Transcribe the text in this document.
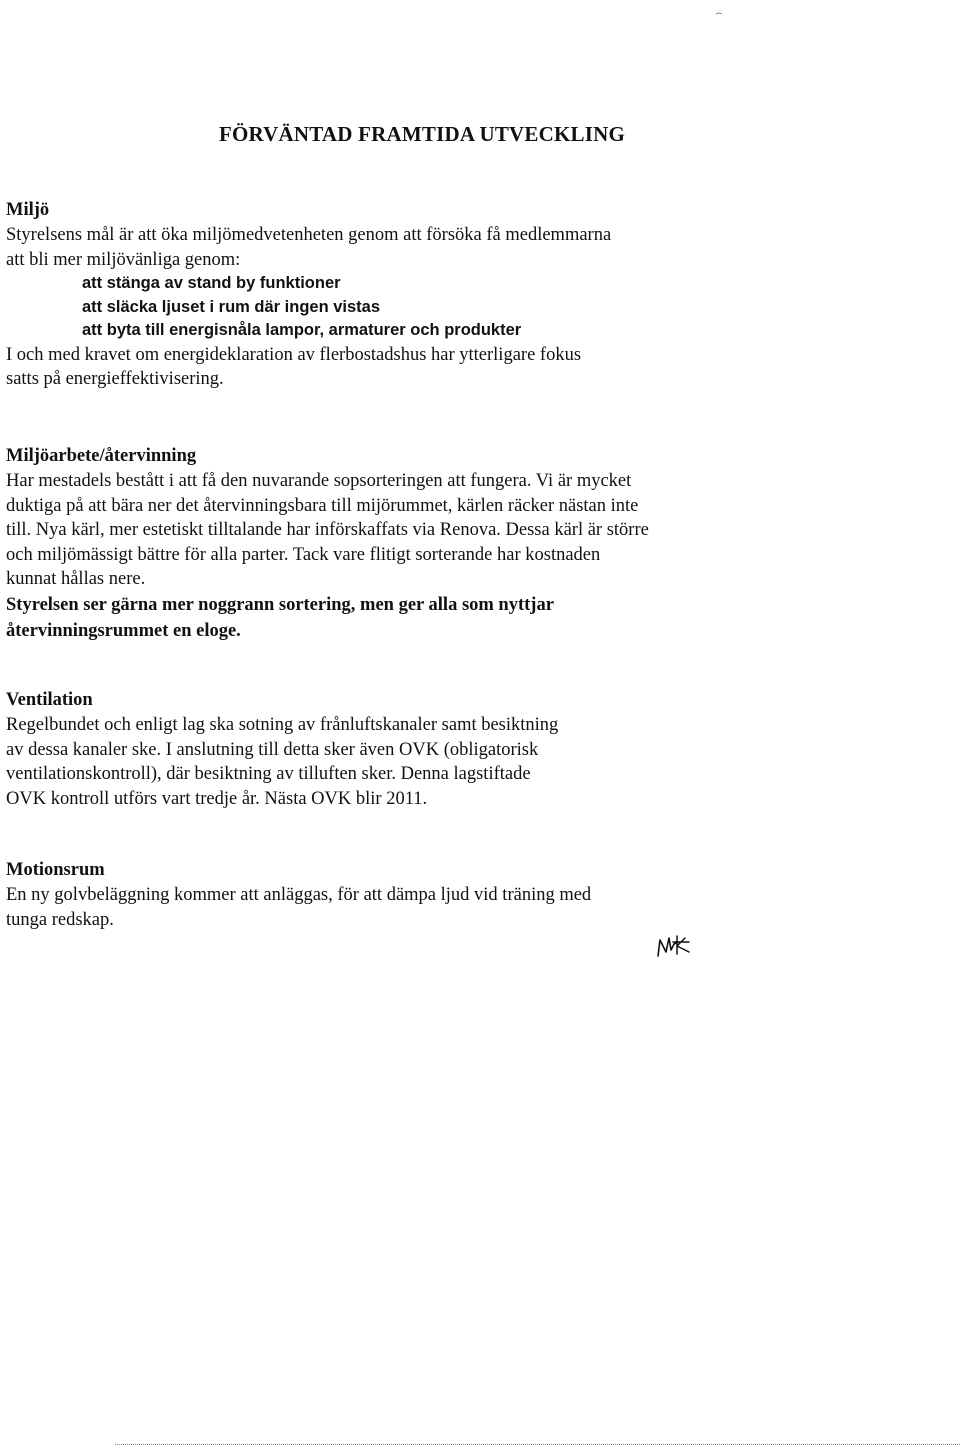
FÖRVÄNTAD FRAMTIDA UTVECKLING
Miljö
Styrelsens mål är att öka miljömedvetenheten genom att försöka få medlemmarna
att bli mer miljövänliga genom:
att stänga av stand by funktioner
att släcka ljuset i rum där ingen vistas
att byta till energisnåla lampor, armaturer och produkter
I och med kravet om energideklaration av flerbostadshus har ytterligare fokus
satts på energieffektivisering.
Miljöarbete/återvinning
Har mestadels bestått i att få den nuvarande sopsorteringen att fungera. Vi är mycket
duktiga på att bära ner det återvinningsbara till mijörummet, kärlen räcker nästan inte
till. Nya kärl, mer estetiskt tilltalande har införskaffats via Renova. Dessa kärl är större
och miljömässigt bättre för alla parter. Tack vare flitigt sorterande har kostnaden
kunnat hållas nere.
Styrelsen ser gärna mer noggrann sortering, men ger alla som nyttjar
återvinningsrummet en eloge.
Ventilation
Regelbundet och enligt lag ska sotning av frånluftskanaler samt besiktning
av dessa kanaler ske. I anslutning till detta sker även OVK (obligatorisk
ventilationskontroll), där besiktning av tilluften sker. Denna lagstiftade
OVK kontroll utförs vart tredje år. Nästa OVK blir 2011.
Motionsrum
En ny golvbeläggning kommer att anläggas, för att dämpa ljud vid träning med
tunga redskap.
